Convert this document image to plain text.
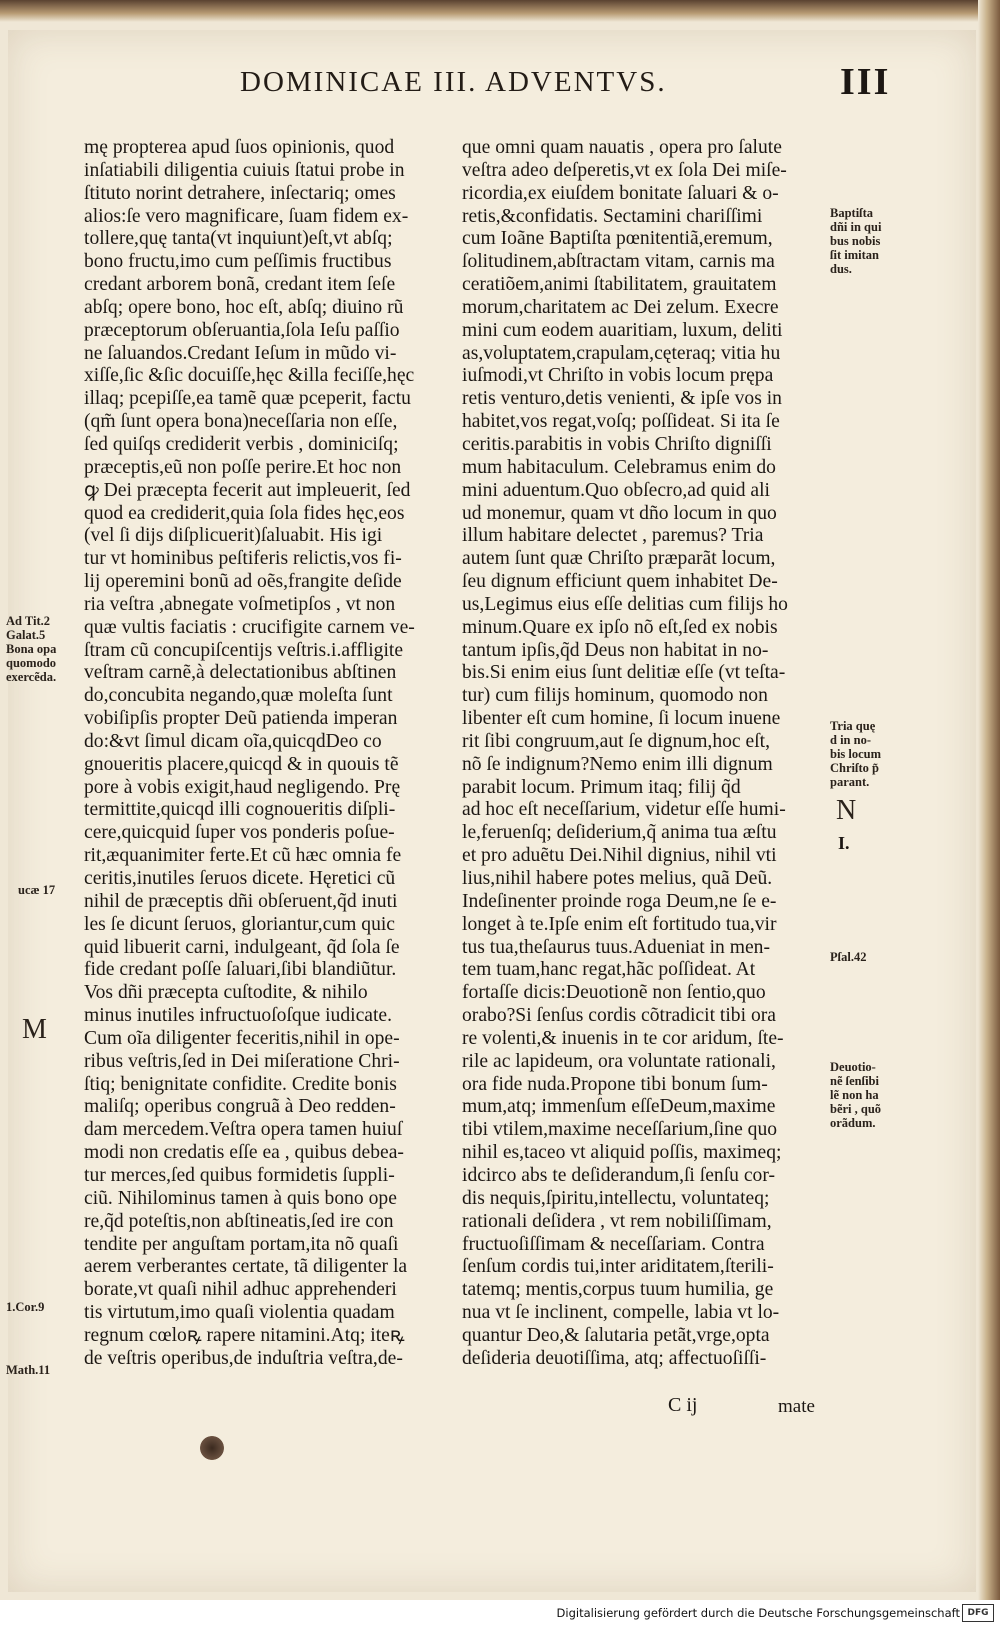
DOMINICAE III. ADVENTVS.	III
mę propterea apud ſuos opinionis, quod
inſatiabili diligentia cuiuis ſtatui probe in
ſtituto norint detrahere, inſectariq; omes
alios:ſe vero magnificare, ſuam fidem ex-
tollere,quę tanta(vt inquiunt)eſt,vt abſq;
bono fructu,imo cum peſſimis fructibus
credant arborem bonã, credant item ſeſe
abſq; opere bono, hoc eſt, abſq; diuino rũ
præceptorum obſeruantia,ſola Ieſu paſſio
ne ſaluandos.Credant Ieſum in mũdo vi-
xiſſe,ſic &ſic docuiſſe,hęc &illa feciſſe,hęc
illaq; pcepiſſe,ea tamẽ quæ pceperit, factu
(qm̃ ſunt opera bona)neceſſaria non eſſe,
ſed quiſqs crediderit verbis , dominiciſq;
præceptis,eũ non poſſe perire.Et hoc non
ꝙ Dei præcepta fecerit aut impleuerit, ſed
quod ea crediderit,quia ſola fides hęc,eos
(vel ſi dijs diſplicuerit)ſaluabit. His igi
tur vt hominibus peſtiferis relictis,vos fi-
lij operemini bonũ ad oẽs,frangite deſide
ria veſtra ,abnegate voſmetipſos , vt non
quæ vultis faciatis : crucifigite carnem ve-
ſtram cũ concupiſcentijs veſtris.i.affligite
veſtram carnẽ,à delectationibus abſtinen
do,concubita negando,quæ moleſta ſunt
vobiſipſis propter Deũ patienda imperan
do:&vt ſimul dicam oĩa,quicqdDeo co
gnoueritis placere,quicqd & in quouis tẽ
pore à vobis exigit,haud negligendo. Prę
termittite,quicqd illi cognoueritis diſpli-
cere,quicquid ſuper vos ponderis poſue-
rit,æquanimiter ferte.Et cũ hæc omnia fe
ceritis,inutiles ſeruos dicete. Hęretici cũ
nihil de præceptis dñi obſeruent,q̃d inuti
les ſe dicunt ſeruos, gloriantur,cum quic
quid libuerit carni, indulgeant, q̃d ſola ſe
fide credant poſſe ſaluari,ſibi blandiũtur.
Vos dñi præcepta cuſtodite, & nihilo
minus inutiles infructuoſoſque iudicate.
Cum oĩa diligenter feceritis,nihil in ope-
ribus veſtris,ſed in Dei miſeratione Chri-
ſtiq; benignitate confidite. Credite bonis
maliſq; operibus congruã à Deo redden-
dam mercedem.Veſtra opera tamen huiuſ
modi non credatis eſſe ea , quibus debea-
tur merces,ſed quibus formidetis ſuppli-
ciũ. Nihilominus tamen à quis bono ope
re,q̃d poteſtis,non abſtineatis,ſed ire con
tendite per anguſtam portam,ita nõ quaſi
aerem verberantes certate, tã diligenter la
borate,vt quaſi nihil adhuc apprehenderi
tis virtutum,imo quaſi violentia quadam
regnum cœloꝶ rapere nitamini.Atq; iteꝶ
de veſtris operibus,de induſtria veſtra,de-
que omni quam nauatis , opera pro ſalute
veſtra adeo deſperetis,vt ex ſola Dei miſe-
ricordia,ex eiuſdem bonitate ſaluari & o-
retis,&confidatis. Sectamini chariſſimi
cum Ioãne Baptiſta pœnitentiã,eremum,
ſolitudinem,abſtractam vitam, carnis ma
ceratiõem,animi ſtabilitatem, grauitatem
morum,charitatem ac Dei zelum. Execre
mini cum eodem auaritiam, luxum, deliti
as,voluptatem,crapulam,cęteraq; vitia hu
iuſmodi,vt Chriſto in vobis locum prępa
retis venturo,detis venienti, & ipſe vos in
habitet,vos regat,voſq; poſſideat. Si ita ſe
ceritis.parabitis in vobis Chriſto digniſſi
mum habitaculum. Celebramus enim do
mini aduentum.Quo obſecro,ad quid ali
ud monemur, quam vt dño locum in quo
illum habitare delectet , paremus? Tria
autem ſunt quæ Chriſto præparãt locum,
ſeu dignum efficiunt quem inhabitet De-
us,Legimus eius eſſe delitias cum filijs ho
minum.Quare ex ipſo nõ eſt,ſed ex nobis
tantum ipſis,q̃d Deus non habitat in no-
bis.Si enim eius ſunt delitiæ eſſe (vt teſta-
tur) cum filijs hominum, quomodo non
libenter eſt cum homine, ſi locum inuene
rit ſibi congruum,aut ſe dignum,hoc eſt,
nõ ſe indignum?Nemo enim illi dignum
parabit locum. Primum itaq; filij q̃d
ad hoc eſt neceſſarium, videtur eſſe humi-
le,feruenſq; deſiderium,q̃ anima tua æſtu
et pro aduẽtu Dei.Nihil dignius, nihil vti
lius,nihil habere potes melius, quã Deũ.
Indeſinenter proinde roga Deum,ne ſe e-
longet à te.Ipſe enim eſt fortitudo tua,vir
tus tua,theſaurus tuus.Adueniat in men-
tem tuam,hanc regat,hãc poſſideat. At
fortaſſe dicis:Deuotionẽ non ſentio,quo
orabo?Si ſenſus cordis cõtradicit tibi ora
re volenti,& inuenis in te cor aridum, ſte-
rile ac lapideum, ora voluntate rationali,
ora fide nuda.Propone tibi bonum ſum-
mum,atq; immenſum eſſeDeum,maxime
tibi vtilem,maxime neceſſarium,ſine quo
nihil es,taceo vt aliquid poſſis, maximeq;
idcirco abs te deſiderandum,ſi ſenſu cor-
dis nequis,ſpiritu,intellectu, voluntateq;
rationali deſidera , vt rem nobiliſſimam,
fructuoſiſſimam & neceſſariam. Contra
ſenſum cordis tui,inter ariditatem,ſterili-
tatemq; mentis,corpus tuum humilia, ge
nua vt ſe inclinent, compelle, labia vt lo-
quantur Deo,& ſalutaria petãt,vrge,opta
deſideria deuotiſſima, atq; affectuoſiſſi-
C ij	mate
Ad Tit.2
Galat.5
Bona opa
quomodo
exercẽda.
ucæ 17
M
1.Cor.9
Math.11
Baptiſta
dñi in qui
bus nobis
ſit imitan
dus.
Tria quę
d in no-
bis locum
Chriſto p̃
parant.
N
I.
Pſal.42
Deuotio-
nẽ ſenſibi
lẽ non ha
bẽri , quõ
orãdum.
Digitalisierung gefördert durch die Deutsche Forschungsgemeinschaft DFG
